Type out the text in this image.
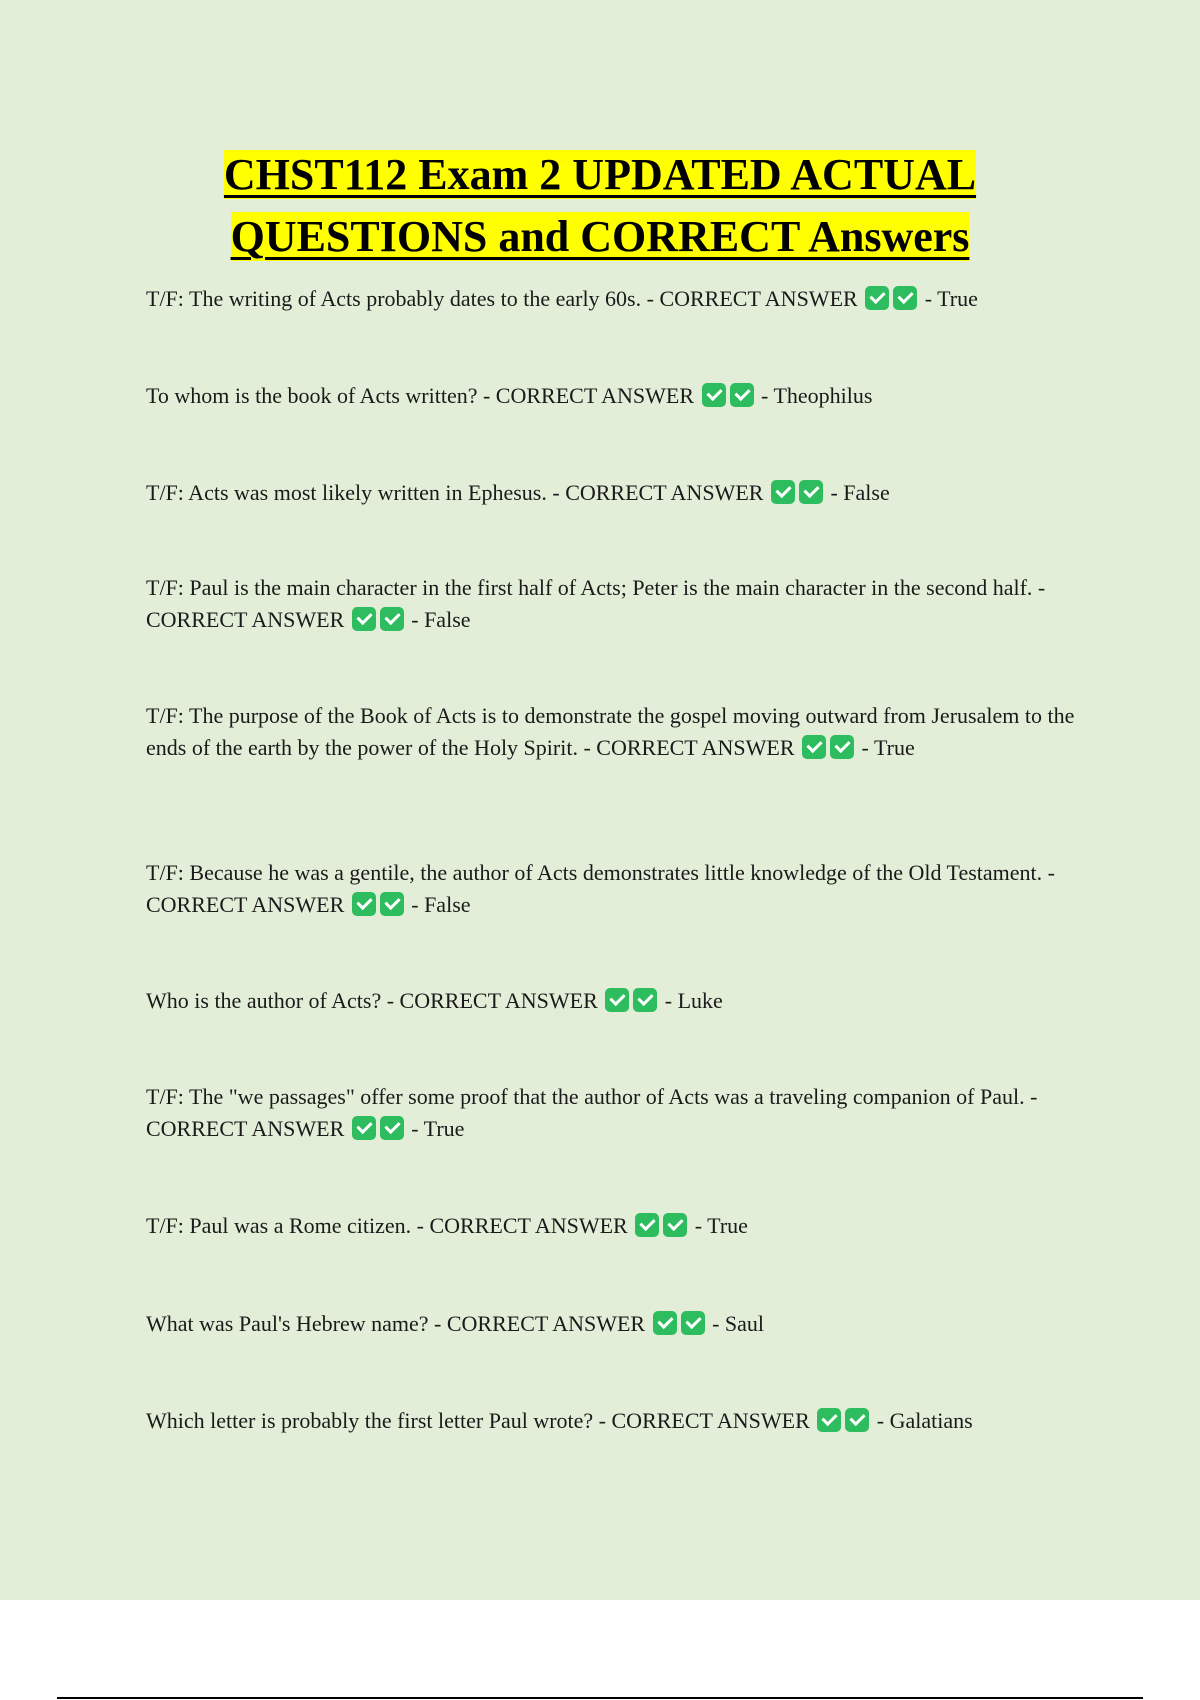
CHST112 Exam 2 UPDATED ACTUAL
QUESTIONS and CORRECT Answers
T/F: The writing of Acts probably dates to the early 60s. - CORRECT ANSWER	- True
To whom is the book of Acts written? - CORRECT ANSWER	- Theophilus
T/F: Acts was most likely written in Ephesus. - CORRECT ANSWER	- False
T/F: Paul is the main character in the first half of Acts; Peter is the main character in the second half. - CORRECT ANSWER	- False
T/F: The purpose of the Book of Acts is to demonstrate the gospel moving outward from Jerusalem to the ends of the earth by the power of the Holy Spirit. - CORRECT ANSWER	- True
T/F: Because he was a gentile, the author of Acts demonstrates little knowledge of the Old Testament. - CORRECT ANSWER	- False
Who is the author of Acts? - CORRECT ANSWER	- Luke
T/F: The "we passages" offer some proof that the author of Acts was a traveling companion of Paul. - CORRECT ANSWER	- True
T/F: Paul was a Rome citizen. - CORRECT ANSWER	- True
What was Paul's Hebrew name? - CORRECT ANSWER	- Saul
Which letter is probably the first letter Paul wrote? - CORRECT ANSWER	- Galatians
